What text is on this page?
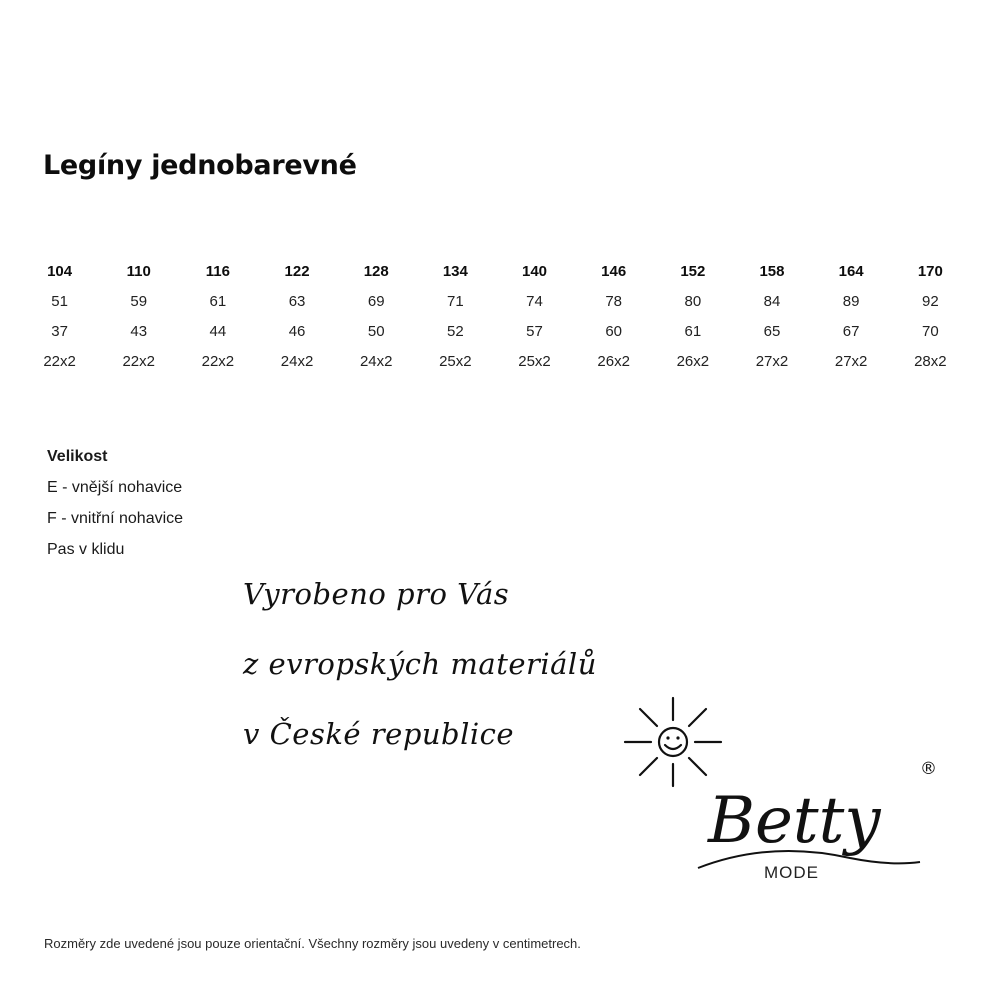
Legíny jednobarevné
104	110	116	122	128	134	140	146	152	158	164	170
51	59	61	63	69	71	74	78	80	84	89	92
37	43	44	46	50	52	57	60	61	65	67	70
22x2	22x2	22x2	24x2	24x2	25x2	25x2	26x2	26x2	27x2	27x2	28x2
Velikost
E - vnější nohavice
F - vnitřní nohavice
Pas v klidu
Vyrobeno pro Vás
z evropských materiálů
v České republice
Betty
MODE
®

Rozměry zde uvedené jsou pouze orientační. Všechny rozměry jsou uvedeny v centimetrech.
